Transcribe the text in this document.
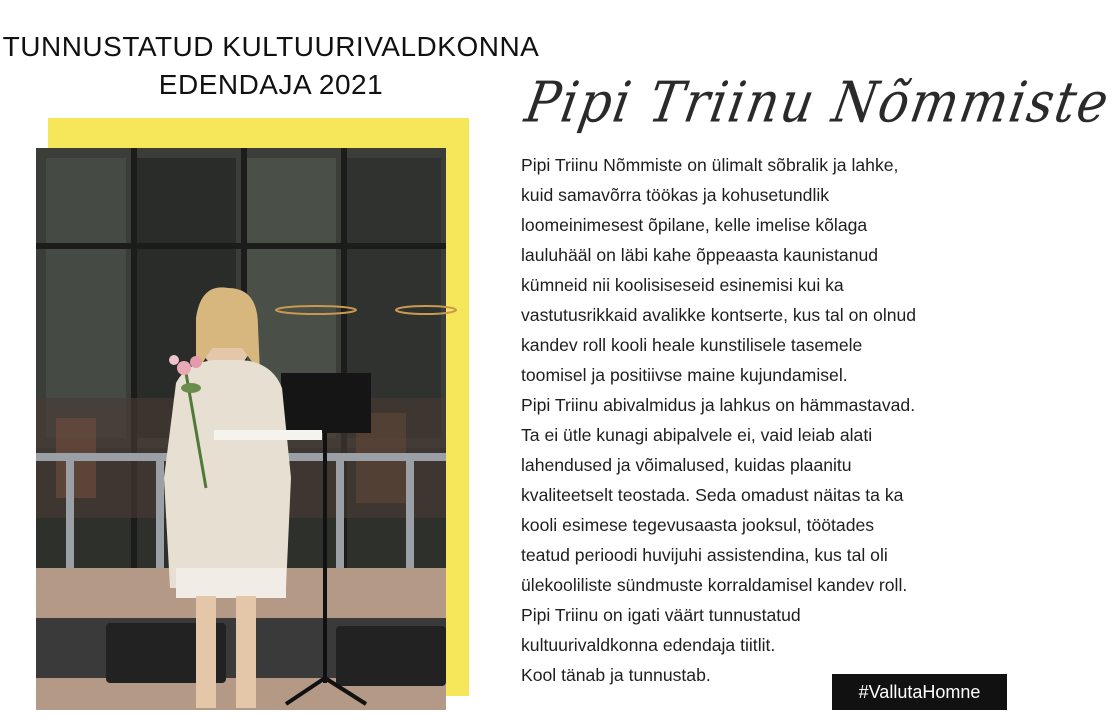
TUNNUSTATUD KULTUURIVALDKONNA
EDENDAJA 2021	Pipi Triinu Nõmmiste

Pipi Triinu Nõmmiste on ülimalt sõbralik ja lahke,

kuid samavõrra töökas ja kohusetundlik

loomeinimesest õpilane, kelle imelise kõlaga

lauluhääl on läbi kahe õppeaasta kaunistanud

kümneid nii koolisiseseid esinemisi kui ka

vastutusrikkaid avalikke kontserte, kus tal on olnud

kandev roll kooli heale kunstilisele tasemele

toomisel ja positiivse maine kujundamisel.

Pipi Triinu abivalmidus ja lahkus on hämmastavad.

Ta ei ütle kunagi abipalvele ei, vaid leiab alati

lahendused ja võimalused, kuidas plaanitu

kvaliteetselt teostada. Seda omadust näitas ta ka

kooli esimese tegevusaasta jooksul, töötades

teatud perioodi huvijuhi assistendina, kus tal oli

ülekooliliste sündmuste korraldamisel kandev roll.

Pipi Triinu on igati väärt tunnustatud

kultuurivaldkonna edendaja tiitlit.

Kool tänab ja tunnustab.

#VallutaHomne
